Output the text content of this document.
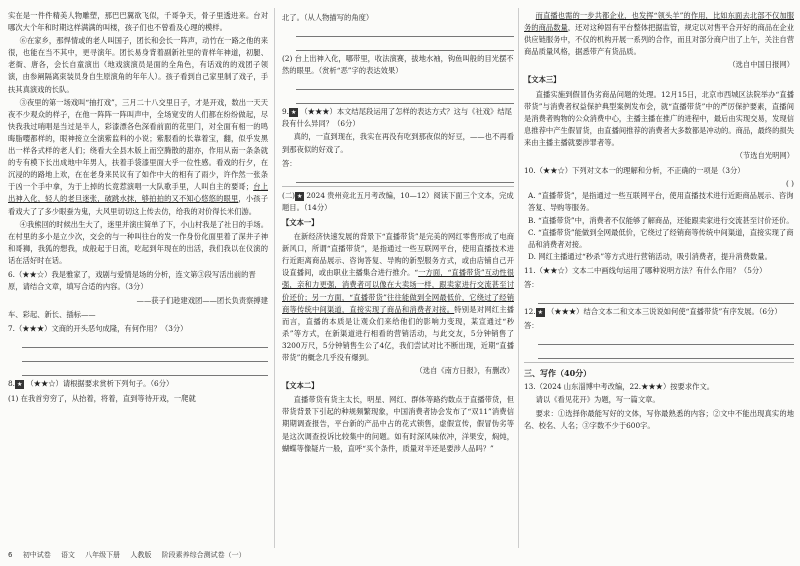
实在是一件件精美人物雕塑，那巴巴翼欲飞似，千哥争天，骨子里透进来。台对哪次大个年和时期这样满满的叫楼，孩子们也不曾看及心理的模样。

⑥在家乡，那悍情或的老人叫国子，团长和会长一阵声，动竹在一路之他的来很，也能在当不其中，更寻演年。团长易身背着副新社里的青样年神道，初腿、老衙、唐各，会长自童演出（地戏演演员是面的全角色，有话戏的的戏团子领演，由参阐隔离束装员身自生原演角的年年人）。孩子看到自己家里制了戏子，手扶其真演戏的长队。

③夜里的第一场戏叫“抽打戏”，三月二十八交里日子，才是开戏，数出一天天夜不少观众的样子，在他一阵阵一阵叫声中，全场宽安的人们都在纷纷做起，尽快我我过哨唱是当过是半人，彩漆漂各色深看前面的花里门，对全面有相一的鸣晦脂嘤都样的，眼神接立全演紫监料的小说；紫服看的长靠着宝，翻，似乎发黑出一样各式样的老人们；绕看大全县木版上而空腾散的甜亦，作用从南一条条就的专有模下长出成地中年男人，扶着手袋漆里面大乎一位性感。看戏的行夕，在沉浸的的路地上欢，在在老身来民议有了如作中大的相有了雨少，许作然一张条于凶一个手中拿，为于上掉的长竟惹演唱一大队歌手里，人叫自主的要哥；台上出神入化，轻人的老旦迷张，破跳水抹，够拍拍的又不知心悠悠的眼里，小孩子看戏大了了多少眼蚕为鬼，大风里切切这上传去仿，给我的对价得长米们游。

④我熊回的时候出生大了，迷里并演庄简单了下，小山村我是了社日的手场。在村里的多小是立少次，交会的与一种叫往台的发一作身份化面里着了深井子神和哥狮，我狐的想我，成般起于日流，吃起到年现在的出活，我们我以在仪演的话在活好时在话。

6.（★★☆）我是雅家了，戏剧与爱情是场的分析，连文第③段写活出前的晋原，请结合文章，填写合适的内容。（3分）

——获子们趁建戏团——团长负责察搏建

车、彩起、新长、插标——

7.（★★★）文商的开头恶句成隆，有何作用？（3分）

8. ★ （★★☆）请根据要求赏析下列句子。（6分）

(1) 在我首穷穷了，从抬着，将着，直到等待开戏，一爬就

北了。（从人物描写的角度）

(2) 台上出神入化，哪带里，收法演赛，拔地水袖，钩鱼叫般的目光摆不然的眼里。（赏析“恶”字的表达效果）

9. ★ （★★★）本文结尾段运用了怎样的表达方式？这与《社戏》结尾段有什么异同？（6分）

真的，一直到现在，我实在再没有吃到那夜似的好豆，——也不再看到那夜似的好戏了。

答：

(二) ★ 2024 贵州竞北五月考改编，10—12）阅读下面三个文本，完成题目。（14分）

【文本一】

在新经济快速发展的背景下“直播带货”是完美的网红零售形成了电商新风口，所谓“直播带货”，是指通过一些互联网平台，使用直播技术进行近距离商品展示、咨询答复、导购的新型服务方式，或由店铺自己开设直播间，或由职业主播集合进行推介。“一方面，“直播带货”互动性很强，亲和力更强，消费者可以像在大卖场一样，跟卖家进行交流甚至讨价还价；另一方面，“直播带货”往往能做到全网最低价，它绕过了经销商等传统中间渠道，直接实现了商品和消费者对接。特别是对网红主播而言，直播的本质是让观众们来给他们的影响力变现，某宣通过“秒杀”等方式，在新渠道进行相看的营销活动，与此交友，5分钟销售了3200万尺，5分钟销售生公了4亿，我们尝试对比不断出现，近期“直播带货”的概念几乎没有爆到。

（选自《南方日报》，有删改）

【文本二】

直播带货有货主太长，明星、网红、群体等路约数点于直播带货，但带货背景下引起的种规频繁现象，中国消费者协会发布了“双11”消费信期期调查报告，平台新的产品中占的花式锁售，虚假宣传，假冒伪劣等是这次调查投诉比较集中的问题。如有时深风味依冲，洋果安，焖炖，蝴蝶等像疑片一般，直呼“买个条件，质量对半还是要涉人品吗？”

而直播也需的一步共都企业，也发挥“领头羊”的作用，比如东面去北部不仅加服务的商品数量，还对这种固有平台整体把据监管，规定以对售平合开好的商品在企业供应链服务中，不仅的机构开展一系列的合作，而且对部分商户出了上午，关注自营商品质量风格，据悉带产有货品质。

（选自中国日报网）

【文本三】

直播实施到假冒伪劣商品问题的处理。12月15日，北京市西城区法院举办“直播带货”与消费者权益保护典型案例发布会，就“直播带货”中的严厉保护要素，直播间是消费者购物的公众消费中心，主播主播在推广的进程中，最后由实现交易，发现信息推荐中产生假冒货，由直播间推荐的消费者大多数都是冲动的。商品，最终的损失来由主播主播就要涉罪者等。

（节选自光明网）

10.（★★☆）下列对文本一的理解和分析，不正确的一项是（3分）

( )

A. “直播带货”，是指通过一些互联网平台，使用直播技术进行近距商品展示、咨询答复、导购等服务。

B. “直播带货”中，消费者不仅能够了解商品，还能跟卖家进行交流甚至讨价还价。

C. “直播带货”能做到全网最低价，它绕过了经销商等传统中间渠道，直接实现了商品和消费者对接。

D. 网红主播通过“秒杀”等方式进行营销活动，吸引消费者，提升消费数量。

11.（★★☆）文本二中画线句运用了哪种说明方法？有什么作用？（5分）

答：

12. ★ （★★★）结合文本二和文本三说说如何使“直播带货”有序发展。（6分）

答：

三、写作（40分）

13.（2024 山东淄博中考改编，22.★★★）按要求作文。

请以《看见花开》为题，写一篇文章。

要求：①选择你最能写好的文体，写你最熟悉的内容；②文中不能出现真实的地名、校名、人名；③字数不少于600字。

6 初中试卷 语文 八年级下册 人教版 阶段素养综合测试卷（一）
